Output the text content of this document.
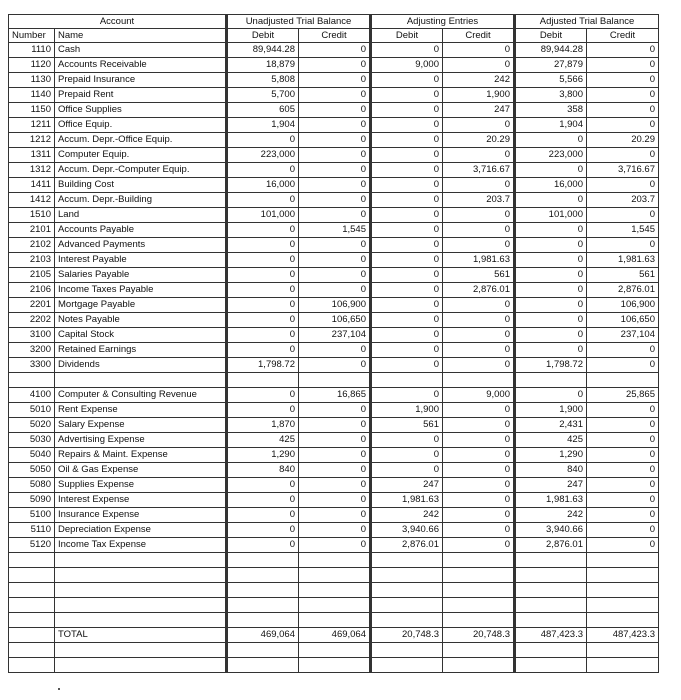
Account		Unadjusted Trial Balance		Adjusting Entries		Adjusted Trial Balance	
Number	Name	Debit	Credit	Debit	Credit	Debit	Credit
1110	Cash	89,944.28	0	0	0	89,944.28	0
1120	Accounts Receivable	18,879	0	9,000	0	27,879	0
1130	Prepaid Insurance	5,808	0	0	242	5,566	0
1140	Prepaid Rent	5,700	0	0	1,900	3,800	0
1150	Office Supplies	605	0	0	247	358	0
1211	Office Equip.	1,904	0	0	0	1,904	0
1212	Accum. Depr.-Office Equip.	0	0	0	20.29	0	20.29
1311	Computer Equip.	223,000	0	0	0	223,000	0
1312	Accum. Depr.-Computer Equip.	0	0	0	3,716.67	0	3,716.67
1411	Building Cost	16,000	0	0	0	16,000	0
1412	Accum. Depr.-Building	0	0	0	203.7	0	203.7
1510	Land	101,000	0	0	0	101,000	0
2101	Accounts Payable	0	1,545	0	0	0	1,545
2102	Advanced Payments	0	0	0	0	0	0
2103	Interest Payable	0	0	0	1,981.63	0	1,981.63
2105	Salaries Payable	0	0	0	561	0	561
2106	Income Taxes Payable	0	0	0	2,876.01	0	2,876.01
2201	Mortgage Payable	0	106,900	0	0	0	106,900
2202	Notes Payable	0	106,650	0	0	0	106,650
3100	Capital Stock	0	237,104	0	0	0	237,104
3200	Retained Earnings	0	0	0	0	0	0
3300	Dividends	1,798.72	0	0	0	1,798.72	0

4100	Computer & Consulting Revenue	0	16,865	0	9,000	0	25,865
5010	Rent Expense	0	0	1,900	0	1,900	0
5020	Salary Expense	1,870	0	561	0	2,431	0
5030	Advertising Expense	425	0	0	0	425	0
5040	Repairs & Maint. Expense	1,290	0	0	0	1,290	0
5050	Oil & Gas Expense	840	0	0	0	840	0
5080	Supplies Expense	0	0	247	0	247	0
5090	Interest Expense	0	0	1,981.63	0	1,981.63	0
5100	Insurance Expense	0	0	242	0	242	0
5110	Depreciation Expense	0	0	3,940.66	0	3,940.66	0
5120	Income Tax Expense	0	0	2,876.01	0	2,876.01	0

	TOTAL	469,064	469,064	20,748.3	20,748.3	487,423.3	487,423.3
